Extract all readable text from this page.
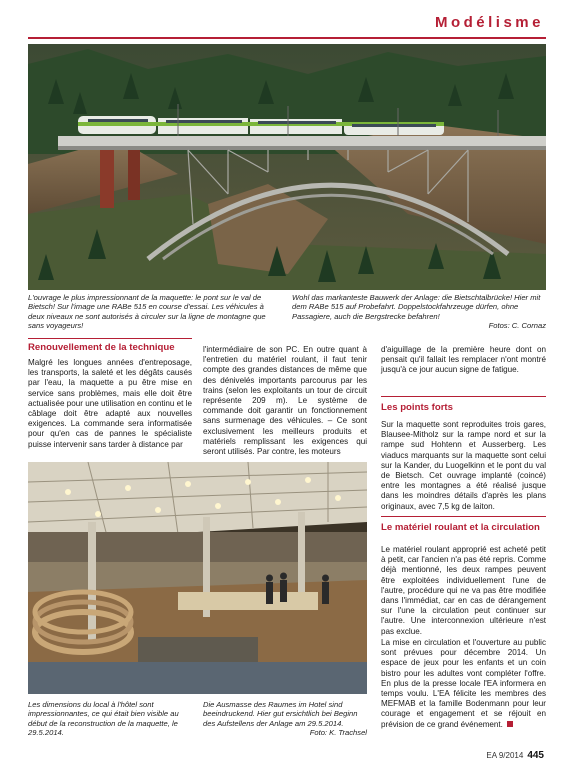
Modélisme
L'ouvrage le plus impressionnant de la maquette: le pont sur le val de Bietsch! Sur l'image une RABe 515 en course d'essai. Les véhicules à deux niveaux ne sont autorisés à circuler sur la ligne de montagne que sans voyageurs!
Wohl das markanteste Bauwerk der Anlage: die Bietschtalbrücke! Hier mit dem RABe 515 auf Probefahrt. Doppelstockfahrzeuge dürfen, ohne Passagiere, auch die Bergstrecke befahren!
Fotos: C. Cornaz
Renouvellement de la technique
Malgré les longues années d'entreposage, les transports, la saleté et les dégâts causés par l'eau, la maquette a pu être mise en service sans problèmes, mais elle doit être actualisée pour une utilisation en continu et le câblage doit être adapté aux nouvelles exigences. La commande sera informatisée pour qu'en cas de pannes le spécialiste puisse intervenir sans tarder à distance par
l'intermédiaire de son PC. En outre quant à l'entretien du matériel roulant, il faut tenir compte des grandes distances de même que des dénivelés importants parcourus par les trains (selon les exploitants un tour de circuit représente 209 m). Le système de commande doit garantir un fonctionnement sans surmenage des véhicules. – Ce sont exclusivement les meilleurs produits et matériels remplissant les exigences qui seront utilisés. Par contre, les moteurs
d'aiguillage de la première heure dont on pensait qu'il fallait les remplacer n'ont montré jusqu'à ce jour aucun signe de fatigue.
Les points forts
Sur la maquette sont reproduites trois gares, Blausee-Mitholz sur la rampe nord et sur la rampe sud Hohtenn et Ausserberg. Les viaducs marquants sur la maquette sont celui sur la Kander, du Luogelkinn et le pont du val de Bietsch. Cet ouvrage implanté (coincé) entre les montagnes a été réalisé jusque dans les moindres détails d'après les plans originaux, avec 7,5 kg de laiton.
Le matériel roulant et la circulation
Le matériel roulant approprié est acheté petit à petit, car l'ancien n'a pas été repris. Comme déjà mentionné, les deux rampes peuvent être exploitées individuellement l'une de l'autre, procédure qui ne va pas être modifiée dans l'immédiat, car en cas de dérangement sur l'une la circulation peut continuer sur l'autre. Une interconnexion ultérieure n'est pas exclue.
La mise en circulation et l'ouverture au public sont prévues pour décembre 2014. Un espace de jeux pour les enfants et un coin bistro pour les adultes vont compléter l'offre. En plus de la presse locale l'EA informera en temps voulu. L'EA félicite les membres des MEFMAB et la famille Bodenmann pour leur courage et engagement et se réjouit en prévision de ce grand événement.
Les dimensions du local à l'hôtel sont impressionnantes, ce qui était bien visible au début de la reconstruction de la maquette, le 29.5.2014.
Die Ausmasse des Raumes im Hotel sind beeindruckend. Hier gut ersichtlich bei Beginn des Aufstellens der Anlage am 29.5.2014.
Foto: K. Trachsel
EA 9/2014 445
